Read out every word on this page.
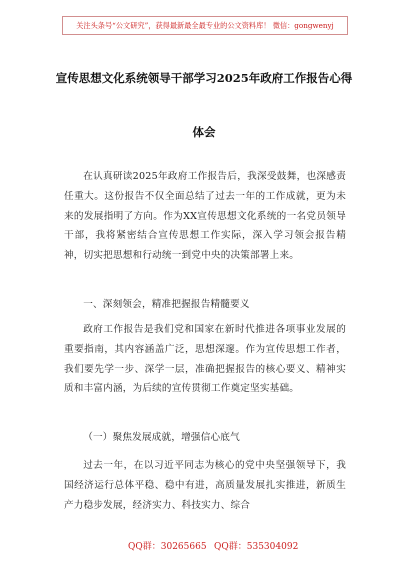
关注头条号“公文研究”，获得最新最全最专业的公文资料库！ 微信：gongwenyj
宣传思想文化系统领导干部学习2025年政府工作报告心得
体会
在认真研读2025年政府工作报告后，我深受鼓舞，也深感责任重大。这份报告不仅全面总结了过去一年的工作成就，更为未来的发展指明了方向。作为XX宣传思想文化系统的一名党员领导干部，我将紧密结合宣传思想工作实际，深入学习领会报告精神，切实把思想和行动统一到党中央的决策部署上来。
一、深刻领会，精准把握报告精髓要义
政府工作报告是我们党和国家在新时代推进各项事业发展的重要指南，其内容涵盖广泛，思想深邃。作为宣传思想工作者，我们要先学一步、深学一层，准确把握报告的核心要义、精神实质和丰富内涵，为后续的宣传贯彻工作奠定坚实基础。
（一）聚焦发展成就，增强信心底气
过去一年，在以习近平同志为核心的党中央坚强领导下，我国经济运行总体平稳、稳中有进，高质量发展扎实推进，新质生产力稳步发展，经济实力、科技实力、综合
QQ群：30265665 QQ群：535304092
